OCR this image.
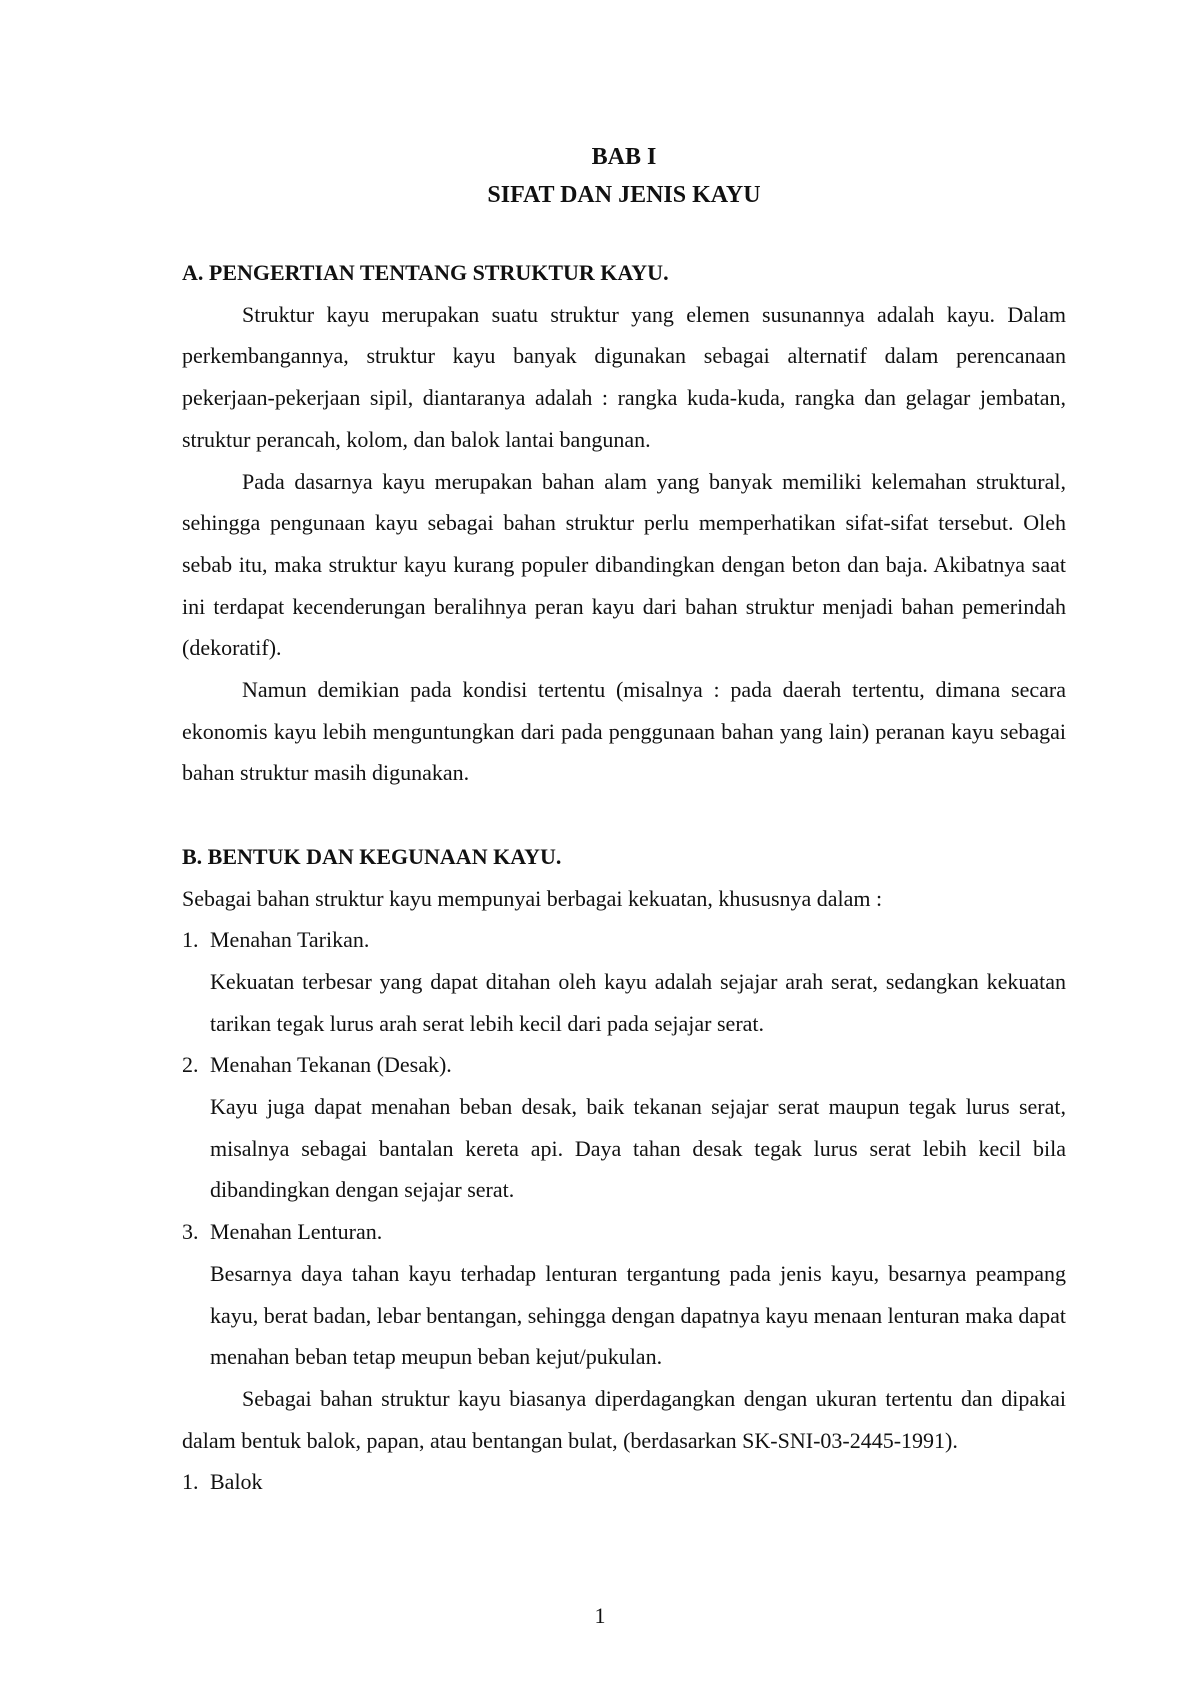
BAB I
SIFAT DAN JENIS KAYU
A. PENGERTIAN TENTANG STRUKTUR KAYU.

Struktur kayu merupakan suatu struktur yang elemen susunannya adalah kayu. Dalam perkembangannya, struktur kayu banyak digunakan sebagai alternatif dalam perencanaan pekerjaan-pekerjaan sipil, diantaranya adalah : rangka kuda-kuda, rangka dan gelagar jembatan, struktur perancah, kolom, dan balok lantai bangunan.

Pada dasarnya kayu merupakan bahan alam yang banyak memiliki kelemahan struktural, sehingga pengunaan kayu sebagai bahan struktur perlu memperhatikan sifat-sifat tersebut. Oleh sebab itu, maka struktur kayu kurang populer dibandingkan dengan beton dan baja. Akibatnya saat ini terdapat kecenderungan beralihnya peran kayu dari bahan struktur menjadi bahan pemerindah (dekoratif).

Namun demikian pada kondisi tertentu (misalnya : pada daerah tertentu, dimana secara ekonomis kayu lebih menguntungkan dari pada penggunaan bahan yang lain) peranan kayu sebagai bahan struktur masih digunakan.

B. BENTUK DAN KEGUNAAN KAYU.

Sebagai bahan struktur kayu mempunyai berbagai kekuatan, khususnya dalam :

1. Menahan Tarikan.

Kekuatan terbesar yang dapat ditahan oleh kayu adalah sejajar arah serat, sedangkan kekuatan tarikan tegak lurus arah serat lebih kecil dari pada sejajar serat.

2. Menahan Tekanan (Desak).

Kayu juga dapat menahan beban desak, baik tekanan sejajar serat maupun tegak lurus serat, misalnya sebagai bantalan kereta api. Daya tahan desak tegak lurus serat lebih kecil bila dibandingkan dengan sejajar serat.

3. Menahan Lenturan.

Besarnya daya tahan kayu terhadap lenturan tergantung pada jenis kayu, besarnya peampang kayu, berat badan, lebar bentangan, sehingga dengan dapatnya kayu menaan lenturan maka dapat menahan beban tetap meupun beban kejut/pukulan.

Sebagai bahan struktur kayu biasanya diperdagangkan dengan ukuran tertentu dan dipakai dalam bentuk balok, papan, atau bentangan bulat, (berdasarkan SK-SNI-03-2445-1991).

1. Balok
1
